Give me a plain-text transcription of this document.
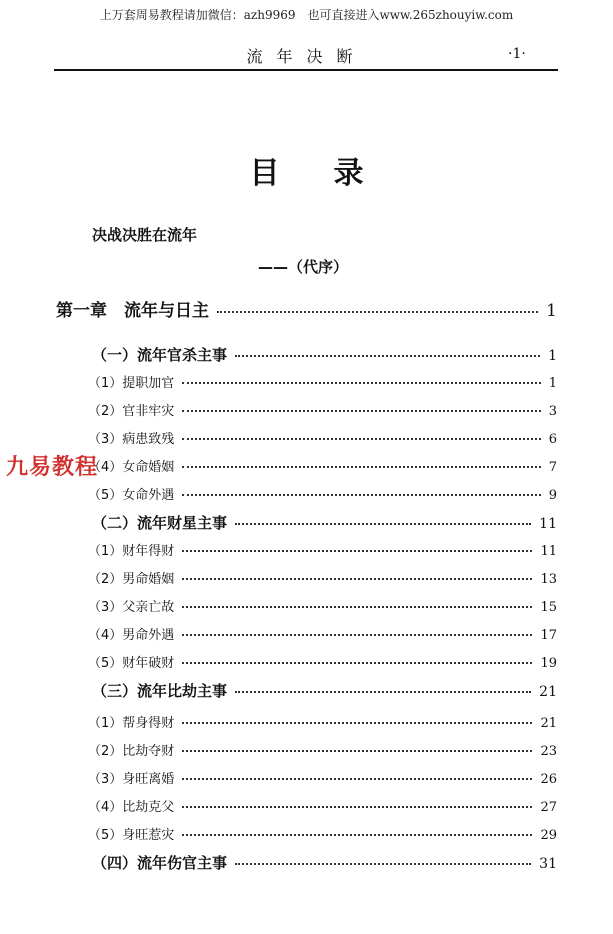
上万套周易教程请加微信：azh9969　也可直接进入www.265zhouyiw.com
流年决断	·1·
目录
决战决胜在流年
——（代序）
九易教程
第一章　流年与日主	1
（一）流年官杀主事	1
（1）提职加官	1
（2）官非牢灾	3
（3）病患致残	6
（4）女命婚姻	7
（5）女命外遇	9
（二）流年财星主事	11
（1）财年得财	11
（2）男命婚姻	13
（3）父亲亡故	15
（4）男命外遇	17
（5）财年破财	19
（三）流年比劫主事	21
（1）帮身得财	21
（2）比劫夺财	23
（3）身旺离婚	26
（4）比劫克父	27
（5）身旺惹灾	29
（四）流年伤官主事	31
